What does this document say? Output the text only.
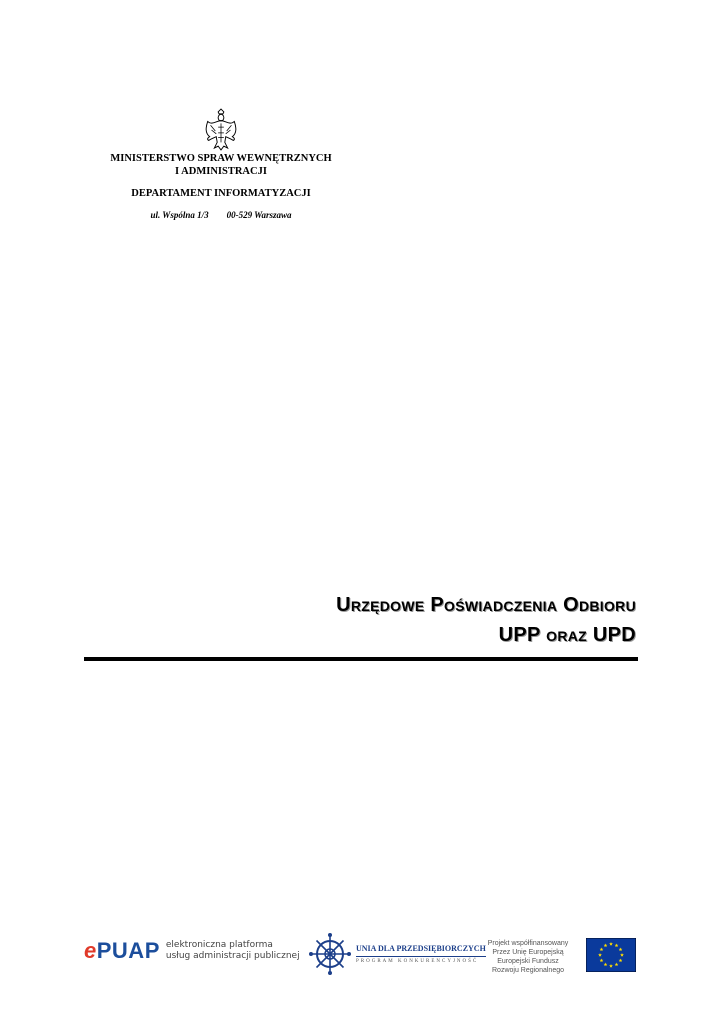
MINISTERSTWO SPRAW WEWNĘTRZNYCH
I ADMINISTRACJI
DEPARTAMENT INFORMATYZACJI
ul. Wspólna 1/3 00-529 Warszawa
Urzędowe Poświadczenia Odbioru
UPP oraz UPD
ePUAP elektroniczna platforma
usług administracji publicznej
UNIA DLA PRZEDSIĘBIORCZYCH
PROGRAM KONKURENCYJNOŚĆ
Projekt współfinansowany
Przez Unię Europejską
Europejski Fundusz
Rozwoju Regionalnego
